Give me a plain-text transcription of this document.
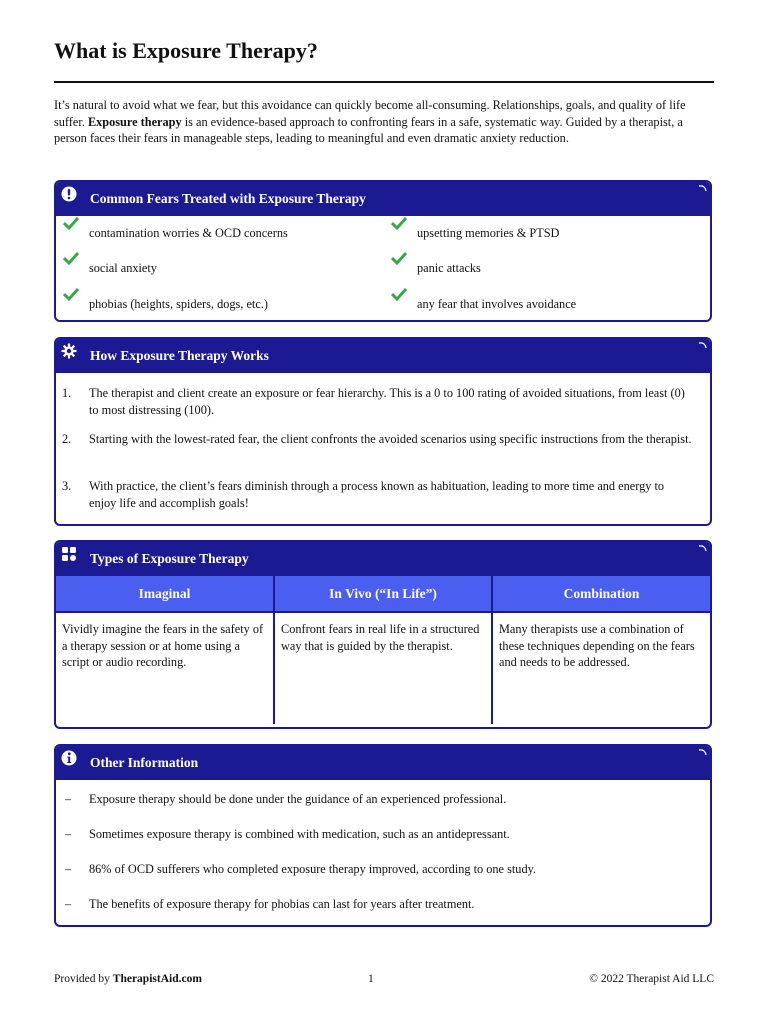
What is Exposure Therapy?

It’s natural to avoid what we fear, but this avoidance can quickly become all-consuming. Relationships, goals, and quality of life suffer. Exposure therapy is an evidence-based approach to confronting fears in a safe, systematic way. Guided by a therapist, a person faces their fears in manageable steps, leading to meaningful and even dramatic anxiety reduction.

Common Fears Treated with Exposure Therapy
contamination worries & OCD concerns	upsetting memories & PTSD
social anxiety	panic attacks
phobias (heights, spiders, dogs, etc.)	any fear that involves avoidance
How Exposure Therapy Works
1. The therapist and client create an exposure or fear hierarchy. This is a 0 to 100 rating of avoided situations, from least (0) to most distressing (100).
2. Starting with the lowest-rated fear, the client confronts the avoided scenarios using specific instructions from the therapist.
3. With practice, the client’s fears diminish through a process known as habituation, leading to more time and energy to enjoy life and accomplish goals!
Types of Exposure Therapy
Imaginal	In Vivo (“In Life”)	Combination
Vividly imagine the fears in the safety of a therapy session or at home using a script or audio recording.	Confront fears in real life in a structured way that is guided by the therapist.	Many therapists use a combination of these techniques depending on the fears and needs to be addressed.
Other Information
– Exposure therapy should be done under the guidance of an experienced professional.
– Sometimes exposure therapy is combined with medication, such as an antidepressant.
– 86% of OCD sufferers who completed exposure therapy improved, according to one study.
– The benefits of exposure therapy for phobias can last for years after treatment.
Provided by TherapistAid.com	1	© 2022 Therapist Aid LLC
